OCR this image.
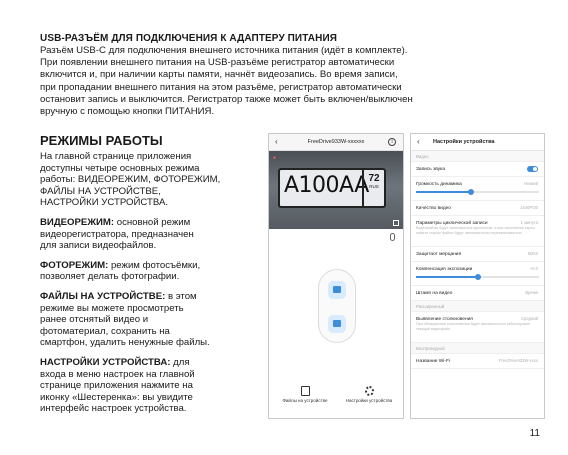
USB-РАЗЪЁМ ДЛЯ ПОДКЛЮЧЕНИЯ К АДАПТЕРУ ПИТАНИЯ
Разъём USB-C для подключения внешнего источника питания (идёт в комплекте).
При появлении внешнего питания на USB-разъёме регистратор автоматически
включится и, при наличии карты памяти, начнёт видеозапись. Во время записи,
при пропадании внешнего питания на этом разъёме, регистратор автоматически
остановит запись и выключится. Регистратор также может быть включен/выключен
вручную с помощью кнопки ПИТАНИЯ.
РЕЖИМЫ РАБОТЫ
На главной странице приложения
доступны четыре основных режима
работы: ВИДЕОРЕЖИМ, ФОТОРЕЖИМ,
ФАЙЛЫ НА УСТРОЙСТВЕ,
НАСТРОЙКИ УСТРОЙСТВА.
ВИДЕОРЕЖИМ: основной режим
видеорегистратора, предназначен
для записи видеофайлов.
ФОТОРЕЖИМ: режим фотосъёмки,
позволяет делать фотографии.
ФАЙЛЫ НА УСТРОЙСТВЕ: в этом
режиме вы можете просмотреть
ранее отснятый видео и
фотоматериал, сохранить на
смартфон, удалить ненужные файлы.
НАСТРОЙКИ УСТРОЙСТВА: для
входа в меню настроек на главной
странице приложения нажмите на
иконку «Шестеренка»: вы увидите
интерфейс настроек устройства.
‹	FreeDrive933W-xxxxxx	i
●
A100AA 72
RUS
Файлы на устройстве	Настройки устройства
‹ Настройки устройства
Видео
Запись звука
Громкость динамика	Низкий
Качество видео	1440P/30
Параметры циклической записи	1 минута
Видеофайлы будут записываться циклически, а при заполнении карты памяти старые файлы будут автоматически перезаписываться
Защитаот мерцания	50HZ
Компенсация экспозиции	+0.0
Штамп на видео	Время
Расширенный
Выявление столкновения	Средний
При обнаружении столкновения будет автоматически заблокирован текущий видеофайл
Беспроводной
Название Wi-Fi	FreeDrive933W-xxxx
11
